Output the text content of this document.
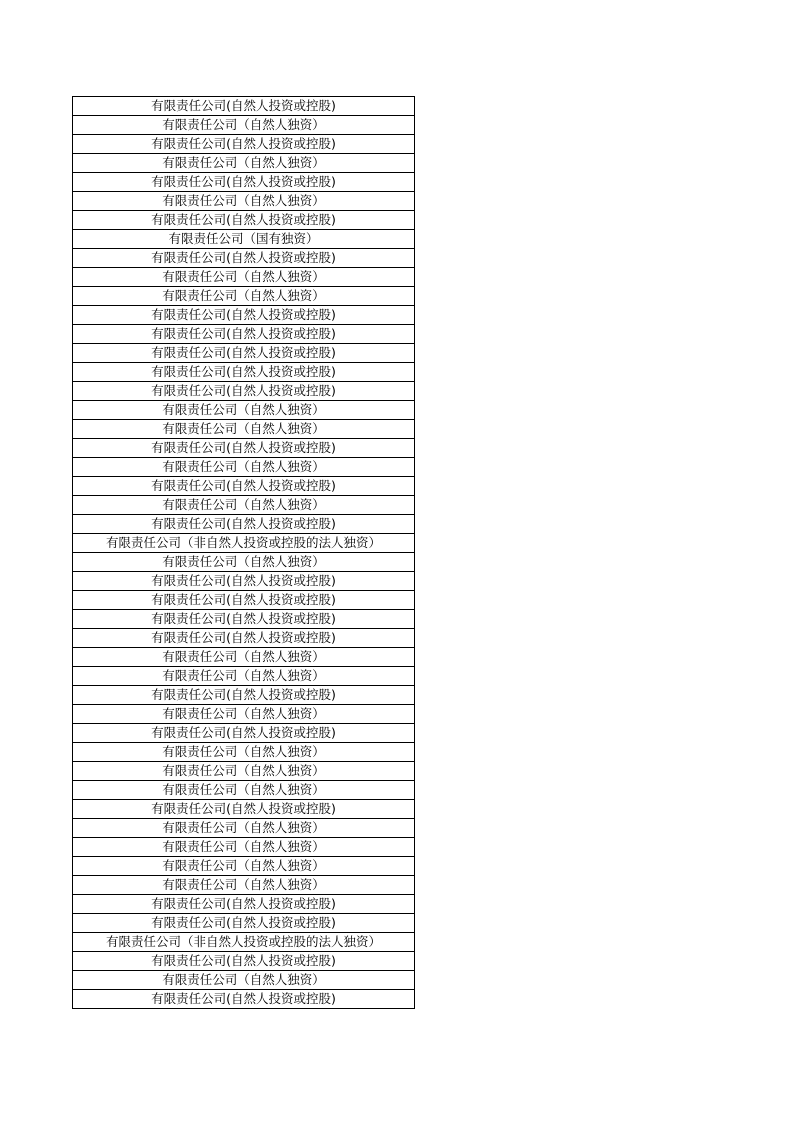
有限责任公司(自然人投资或控股)
有限责任公司（自然人独资）
有限责任公司(自然人投资或控股)
有限责任公司（自然人独资）
有限责任公司(自然人投资或控股)
有限责任公司（自然人独资）
有限责任公司(自然人投资或控股)
有限责任公司（国有独资）
有限责任公司(自然人投资或控股)
有限责任公司（自然人独资）
有限责任公司（自然人独资）
有限责任公司(自然人投资或控股)
有限责任公司(自然人投资或控股)
有限责任公司(自然人投资或控股)
有限责任公司(自然人投资或控股)
有限责任公司(自然人投资或控股)
有限责任公司（自然人独资）
有限责任公司（自然人独资）
有限责任公司(自然人投资或控股)
有限责任公司（自然人独资）
有限责任公司(自然人投资或控股)
有限责任公司（自然人独资）
有限责任公司(自然人投资或控股)
有限责任公司（非自然人投资或控股的法人独资）
有限责任公司（自然人独资）
有限责任公司(自然人投资或控股)
有限责任公司(自然人投资或控股)
有限责任公司(自然人投资或控股)
有限责任公司(自然人投资或控股)
有限责任公司（自然人独资）
有限责任公司（自然人独资）
有限责任公司(自然人投资或控股)
有限责任公司（自然人独资）
有限责任公司(自然人投资或控股)
有限责任公司（自然人独资）
有限责任公司（自然人独资）
有限责任公司（自然人独资）
有限责任公司(自然人投资或控股)
有限责任公司（自然人独资）
有限责任公司（自然人独资）
有限责任公司（自然人独资）
有限责任公司（自然人独资）
有限责任公司(自然人投资或控股)
有限责任公司(自然人投资或控股)
有限责任公司（非自然人投资或控股的法人独资）
有限责任公司(自然人投资或控股)
有限责任公司（自然人独资）
有限责任公司(自然人投资或控股)
